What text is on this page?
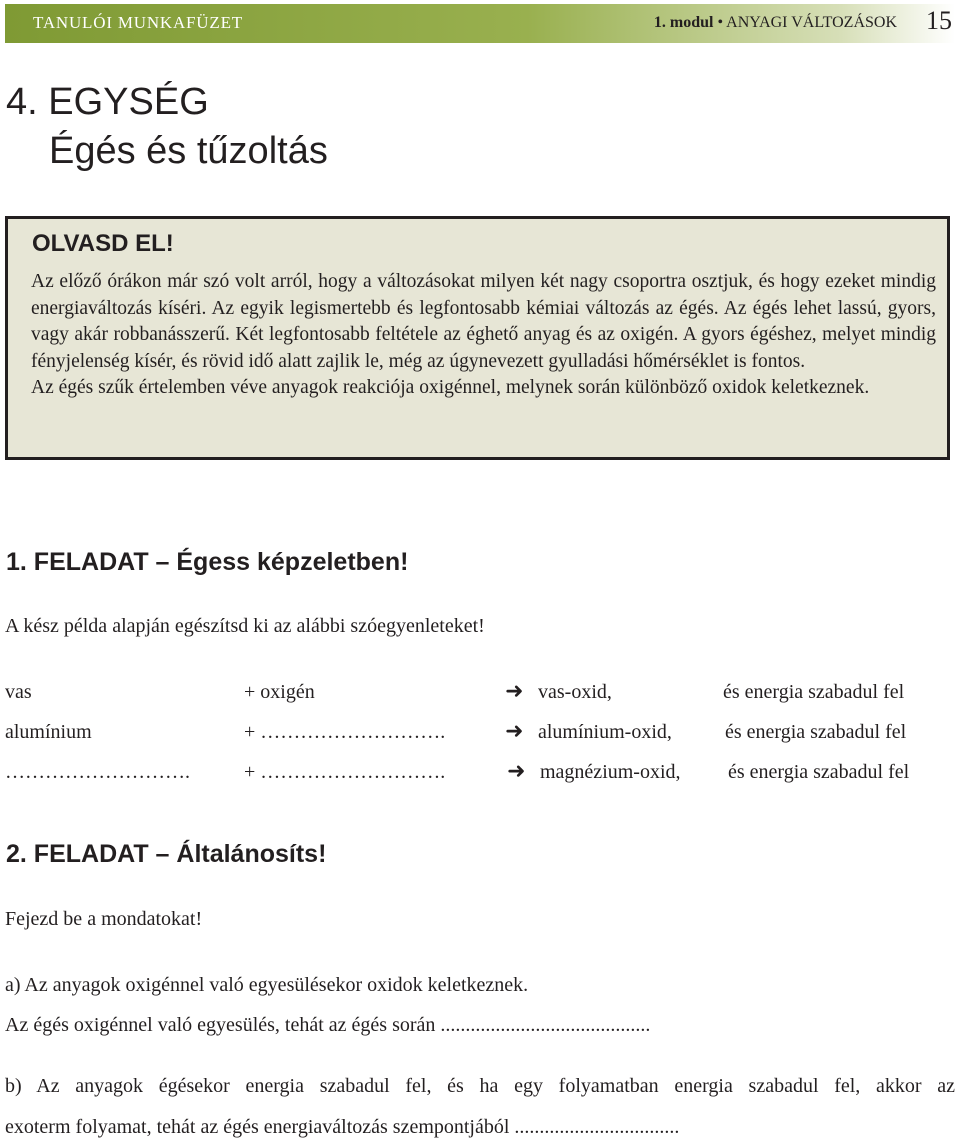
TANULÓI MUNKAFÜZET	1. modul • ANYAGI VÁLTOZÁSOK 15
4. EGYSÉG
Égés és tűzoltás
OLVASD EL!

Az előző órákon már szó volt arról, hogy a változásokat milyen két nagy csoportra osztjuk, és hogy ezeket mindig energiaváltozás kíséri. Az egyik legismertebb és legfontosabb kémiai változás az égés. Az égés lehet lassú, gyors, vagy akár robbanásszerű. Két legfontosabb feltétele az éghető anyag és az oxigén. A gyors égéshez, melyet mindig fényjelenség kísér, és rövid idő alatt zajlik le, még az úgynevezett gyulladási hőmérséklet is fontos.

Az égés szűk értelemben véve anyagok reakciója oxigénnel, melynek során különböző oxidok keletkeznek.

1. FELADAT – Égess képzeletben!
A kész példa alapján egészítsd ki az alábbi szóegyenleteket!
vas	+ oxigén	➜ vas-oxid,	és energia szabadul fel
alumínium	+ ……………………….	➜ alumínium-oxid,	és energia szabadul fel
……………………….	+ ……………………….	➜ magnézium-oxid, és energia szabadul fel
2. FELADAT – Általánosíts!
Fejezd be a mondatokat!
a) Az anyagok oxigénnel való egyesülésekor oxidok keletkeznek.
Az égés oxigénnel való egyesülés, tehát az égés során ..........................................
b) Az anyagok égésekor energia szabadul fel, és ha egy folyamatban energia szabadul fel, akkor az
exoterm folyamat, tehát az égés energiaváltozás szempontjából .................................
